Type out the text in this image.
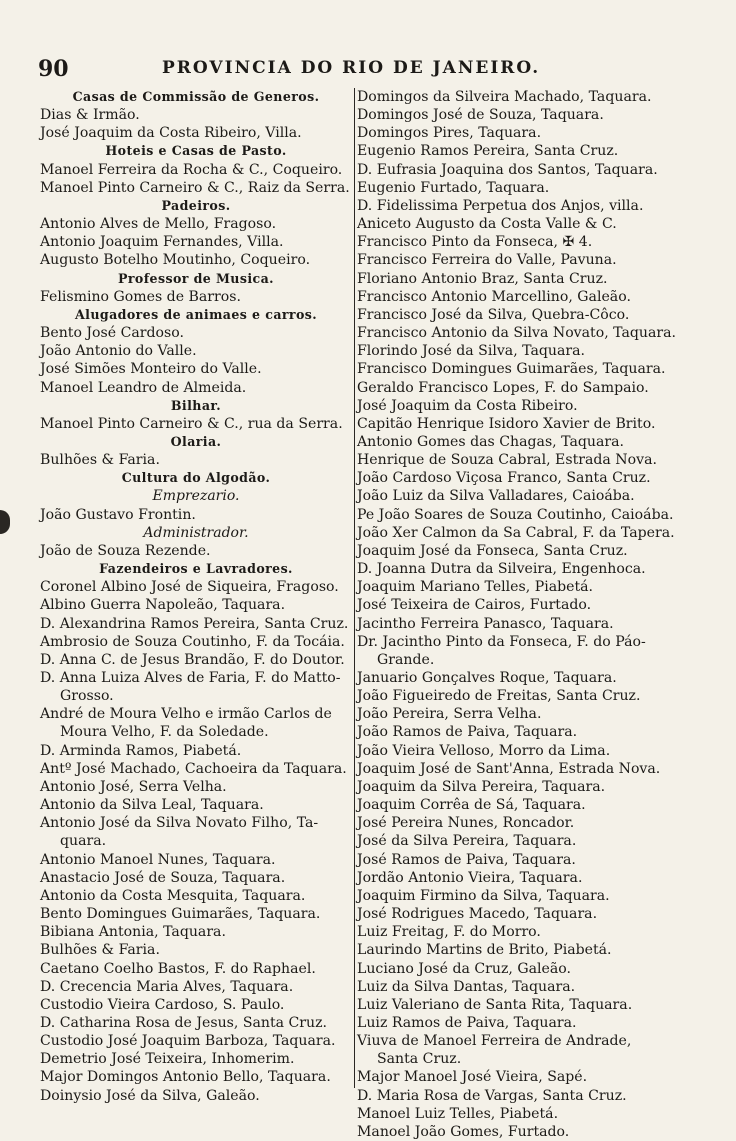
90	PROVINCIA DO RIO DE JANEIRO.
Casas de Commissão de Generos.
Dias & Irmão.
José Joaquim da Costa Ribeiro, Villa.
Hoteis e Casas de Pasto.
Manoel Ferreira da Rocha & C., Coqueiro.
Manoel Pinto Carneiro & C., Raiz da Serra.
Padeiros.
Antonio Alves de Mello, Fragoso.
Antonio Joaquim Fernandes, Villa.
Augusto Botelho Moutinho, Coqueiro.
Professor de Musica.
Felismino Gomes de Barros.
Alugadores de animaes e carros.
Bento José Cardoso.
João Antonio do Valle.
José Simões Monteiro do Valle.
Manoel Leandro de Almeida.
Bilhar.
Manoel Pinto Carneiro & C., rua da Serra.
Olaria.
Bulhões & Faria.
Cultura do Algodão.
Emprezario.
João Gustavo Frontin.
Administrador.
João de Souza Rezende.
Fazendeiros e Lavradores.
Coronel Albino José de Siqueira, Fragoso.
Albino Guerra Napoleão, Taquara.
D. Alexandrina Ramos Pereira, Santa Cruz.
Ambrosio de Souza Coutinho, F. da Tocáia.
D. Anna C. de Jesus Brandão, F. do Doutor.
D. Anna Luiza Alves de Faria, F. do Matto-
Grosso.
André de Moura Velho e irmão Carlos de
Moura Velho, F. da Soledade.
D. Arminda Ramos, Piabetá.
Antº José Machado, Cachoeira da Taquara.
Antonio José, Serra Velha.
Antonio da Silva Leal, Taquara.
Antonio José da Silva Novato Filho, Ta-
quara.
Antonio Manoel Nunes, Taquara.
Anastacio José de Souza, Taquara.
Antonio da Costa Mesquita, Taquara.
Bento Domingues Guimarães, Taquara.
Bibiana Antonia, Taquara.
Bulhões & Faria.
Caetano Coelho Bastos, F. do Raphael.
D. Crecencia Maria Alves, Taquara.
Custodio Vieira Cardoso, S. Paulo.
D. Catharina Rosa de Jesus, Santa Cruz.
Custodio José Joaquim Barboza, Taquara.
Demetrio José Teixeira, Inhomerim.
Major Domingos Antonio Bello, Taquara.
Doinysio José da Silva, Galeão.
Domingos da Silveira Machado, Taquara.
Domingos José de Souza, Taquara.
Domingos Pires, Taquara.
Eugenio Ramos Pereira, Santa Cruz.
D. Eufrasia Joaquina dos Santos, Taquara.
Eugenio Furtado, Taquara.
D. Fidelissima Perpetua dos Anjos, villa.
Aniceto Augusto da Costa Valle & C.
Francisco Pinto da Fonseca, ✠ 4.
Francisco Ferreira do Valle, Pavuna.
Floriano Antonio Braz, Santa Cruz.
Francisco Antonio Marcellino, Galeão.
Francisco José da Silva, Quebra-Côco.
Francisco Antonio da Silva Novato, Taquara.
Florindo José da Silva, Taquara.
Francisco Domingues Guimarães, Taquara.
Geraldo Francisco Lopes, F. do Sampaio.
José Joaquim da Costa Ribeiro.
Capitão Henrique Isidoro Xavier de Brito.
Antonio Gomes das Chagas, Taquara.
Henrique de Souza Cabral, Estrada Nova.
João Cardoso Viçosa Franco, Santa Cruz.
João Luiz da Silva Valladares, Caioába.
Pe João Soares de Souza Coutinho, Caioába.
João Xer Calmon da Sa Cabral, F. da Tapera.
Joaquim José da Fonseca, Santa Cruz.
D. Joanna Dutra da Silveira, Engenhoca.
Joaquim Mariano Telles, Piabetá.
José Teixeira de Cairos, Furtado.
Jacintho Ferreira Panasco, Taquara.
Dr. Jacintho Pinto da Fonseca, F. do Páo-
Grande.
Januario Gonçalves Roque, Taquara.
João Figueiredo de Freitas, Santa Cruz.
João Pereira, Serra Velha.
João Ramos de Paiva, Taquara.
João Vieira Velloso, Morro da Lima.
Joaquim José de Sant'Anna, Estrada Nova.
Joaquim da Silva Pereira, Taquara.
Joaquim Corrêa de Sá, Taquara.
José Pereira Nunes, Roncador.
José da Silva Pereira, Taquara.
José Ramos de Paiva, Taquara.
Jordão Antonio Vieira, Taquara.
Joaquim Firmino da Silva, Taquara.
José Rodrigues Macedo, Taquara.
Luiz Freitag, F. do Morro.
Laurindo Martins de Brito, Piabetá.
Luciano José da Cruz, Galeão.
Luiz da Silva Dantas, Taquara.
Luiz Valeriano de Santa Rita, Taquara.
Luiz Ramos de Paiva, Taquara.
Viuva de Manoel Ferreira de Andrade,
Santa Cruz.
Major Manoel José Vieira, Sapé.
D. Maria Rosa de Vargas, Santa Cruz.
Manoel Luiz Telles, Piabetá.
Manoel João Gomes, Furtado.
